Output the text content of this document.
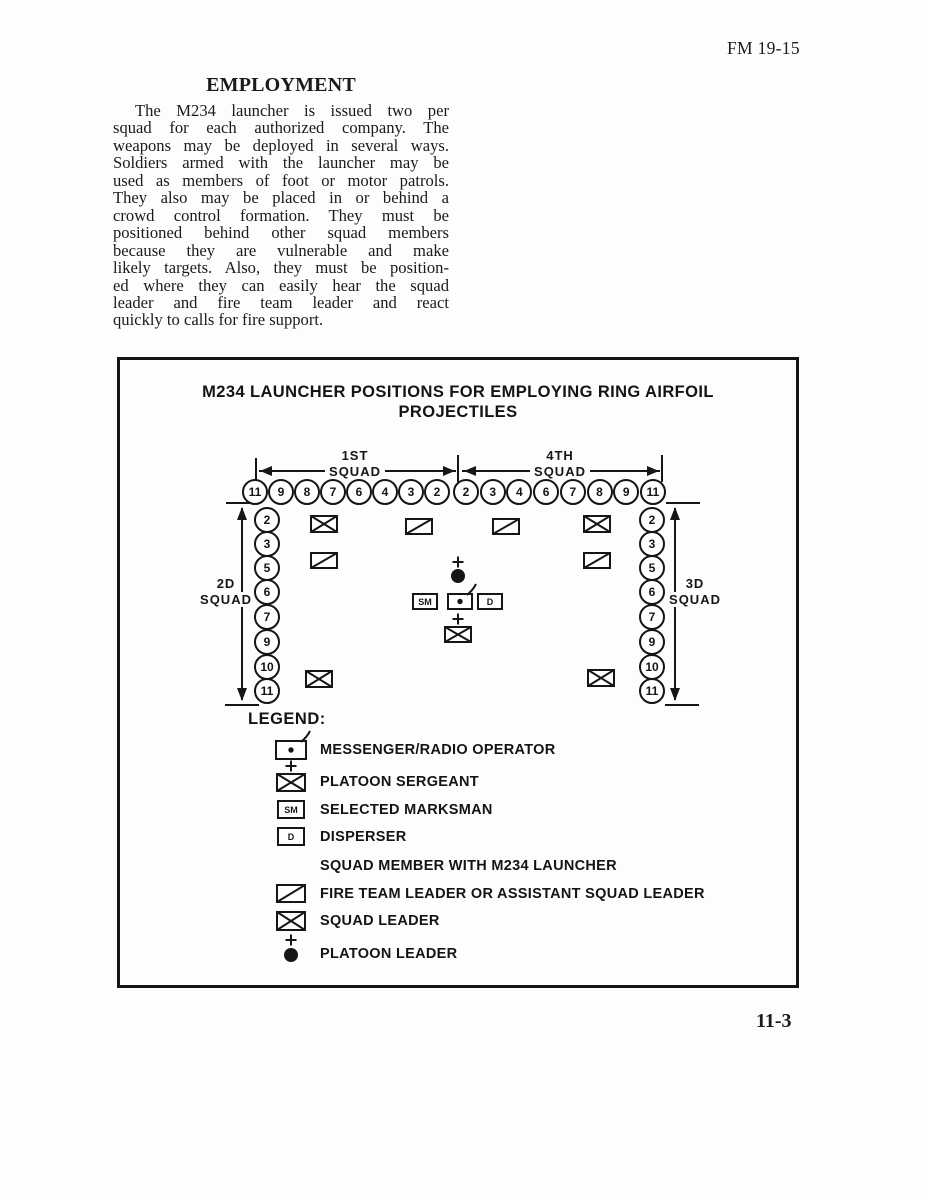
FM 19-15
EMPLOYMENT
The M234 launcher is issued two per
squad for each authorized company. The
weapons may be deployed in several ways.
Soldiers armed with the launcher may be
used as members of foot or motor patrols.
They also may be placed in or behind a
crowd control formation. They must be
positioned behind other squad members
because they are vulnerable and make
likely targets. Also, they must be position-
ed where they can easily hear the squad
leader and fire team leader and react
quickly to calls for fire support.
M234 LAUNCHER POSITIONS FOR EMPLOYING RING AIRFOIL
PROJECTILES
1ST
SQUAD
4TH
SQUAD
2D
SQUAD
3D
SQUAD
11	9	8	7	6	4	3	2	2	3	4	6	7	8	9	11
2
3
5
6
7
9
10
11
2
3
5
6
7
9
10
11
SM	D
LEGEND:
MESSENGER/RADIO OPERATOR
PLATOON SERGEANT
SM SELECTED MARKSMAN
D DISPERSER
SQUAD MEMBER WITH M234 LAUNCHER
FIRE TEAM LEADER OR ASSISTANT SQUAD LEADER
SQUAD LEADER
PLATOON LEADER
11-3
